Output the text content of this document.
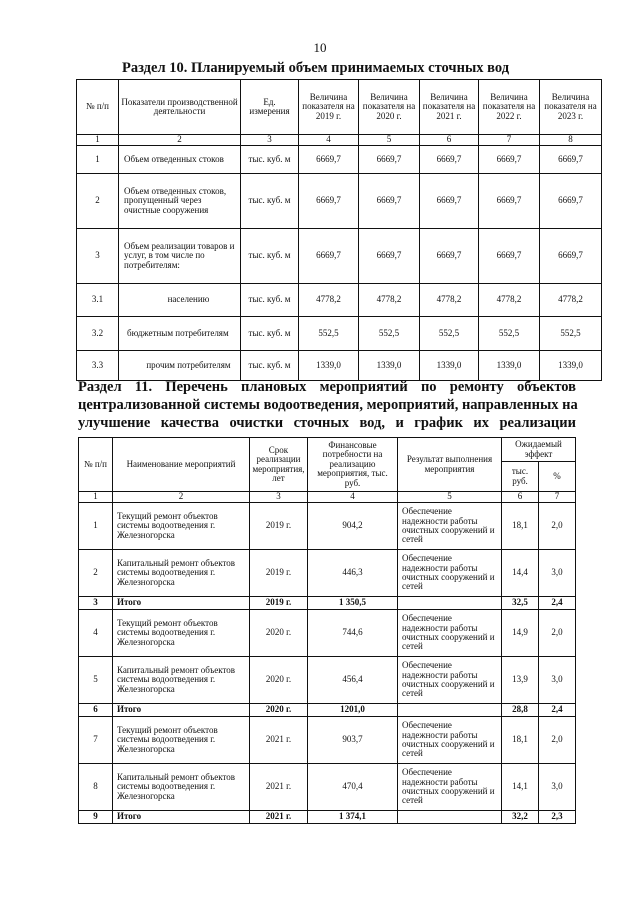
10
Раздел 10. Планируемый объем принимаемых сточных вод
№ п/п	Показатели производственной деятельности	Ед. измерения	Величина показателя на 2019 г.	Величина показателя на 2020 г.	Величина показателя на 2021 г.	Величина показателя на 2022 г.	Величина показателя на 2023 г.
1	2	3	4	5	6	7	8
1	Объем отведенных стоков	тыс. куб. м	6669,7	6669,7	6669,7	6669,7	6669,7
2	Объем отведенных стоков, пропущенный через очистные сооружения	тыс. куб. м	6669,7	6669,7	6669,7	6669,7	6669,7
3	Объем реализации товаров и услуг, в том числе по потребителям:	тыс. куб. м	6669,7	6669,7	6669,7	6669,7	6669,7
3.1	населению	тыс. куб. м	4778,2	4778,2	4778,2	4778,2	4778,2
3.2	бюджетным потребителям	тыс. куб. м	552,5	552,5	552,5	552,5	552,5
3.3	прочим потребителям	тыс. куб. м	1339,0	1339,0	1339,0	1339,0	1339,0
Раздел 11. Перечень плановых мероприятий по ремонту объектов
централизованной системы водоотведения, мероприятий, направленных на
улучшение качества очистки сточных вод, и график их реализации
№ п/п	Наименование мероприятий	Срок реализации мероприятия, лет	Финансовые потребности на реализацию мероприятия, тыс. руб.	Результат выполнения мероприятия	Ожидаемый эффект	
					тыс. руб.	%
1	2	3	4	5	6	7
1	Текущий ремонт объектов системы водоотведения г. Железногорска	2019 г.	904,2	Обеспечение надежности работы очистных сооружений и сетей	18,1	2,0
2	Капитальный ремонт объектов системы водоотведения г. Железногорска	2019 г.	446,3	Обеспечение надежности работы очистных сооружений и сетей	14,4	3,0
3	Итого	2019 г.	1 350,5		32,5	2,4
4	Текущий ремонт объектов системы водоотведения г. Железногорска	2020 г.	744,6	Обеспечение надежности работы очистных сооружений и сетей	14,9	2,0
5	Капитальный ремонт объектов системы водоотведения г. Железногорска	2020 г.	456,4	Обеспечение надежности работы очистных сооружений и сетей	13,9	3,0
6	Итого	2020 г.	1201,0		28,8	2,4
7	Текущий ремонт объектов системы водоотведения г. Железногорска	2021 г.	903,7	Обеспечение надежности работы очистных сооружений и сетей	18,1	2,0
8	Капитальный ремонт объектов системы водоотведения г. Железногорска	2021 г.	470,4	Обеспечение надежности работы очистных сооружений и сетей	14,1	3,0
9	Итого	2021 г.	1 374,1		32,2	2,3
